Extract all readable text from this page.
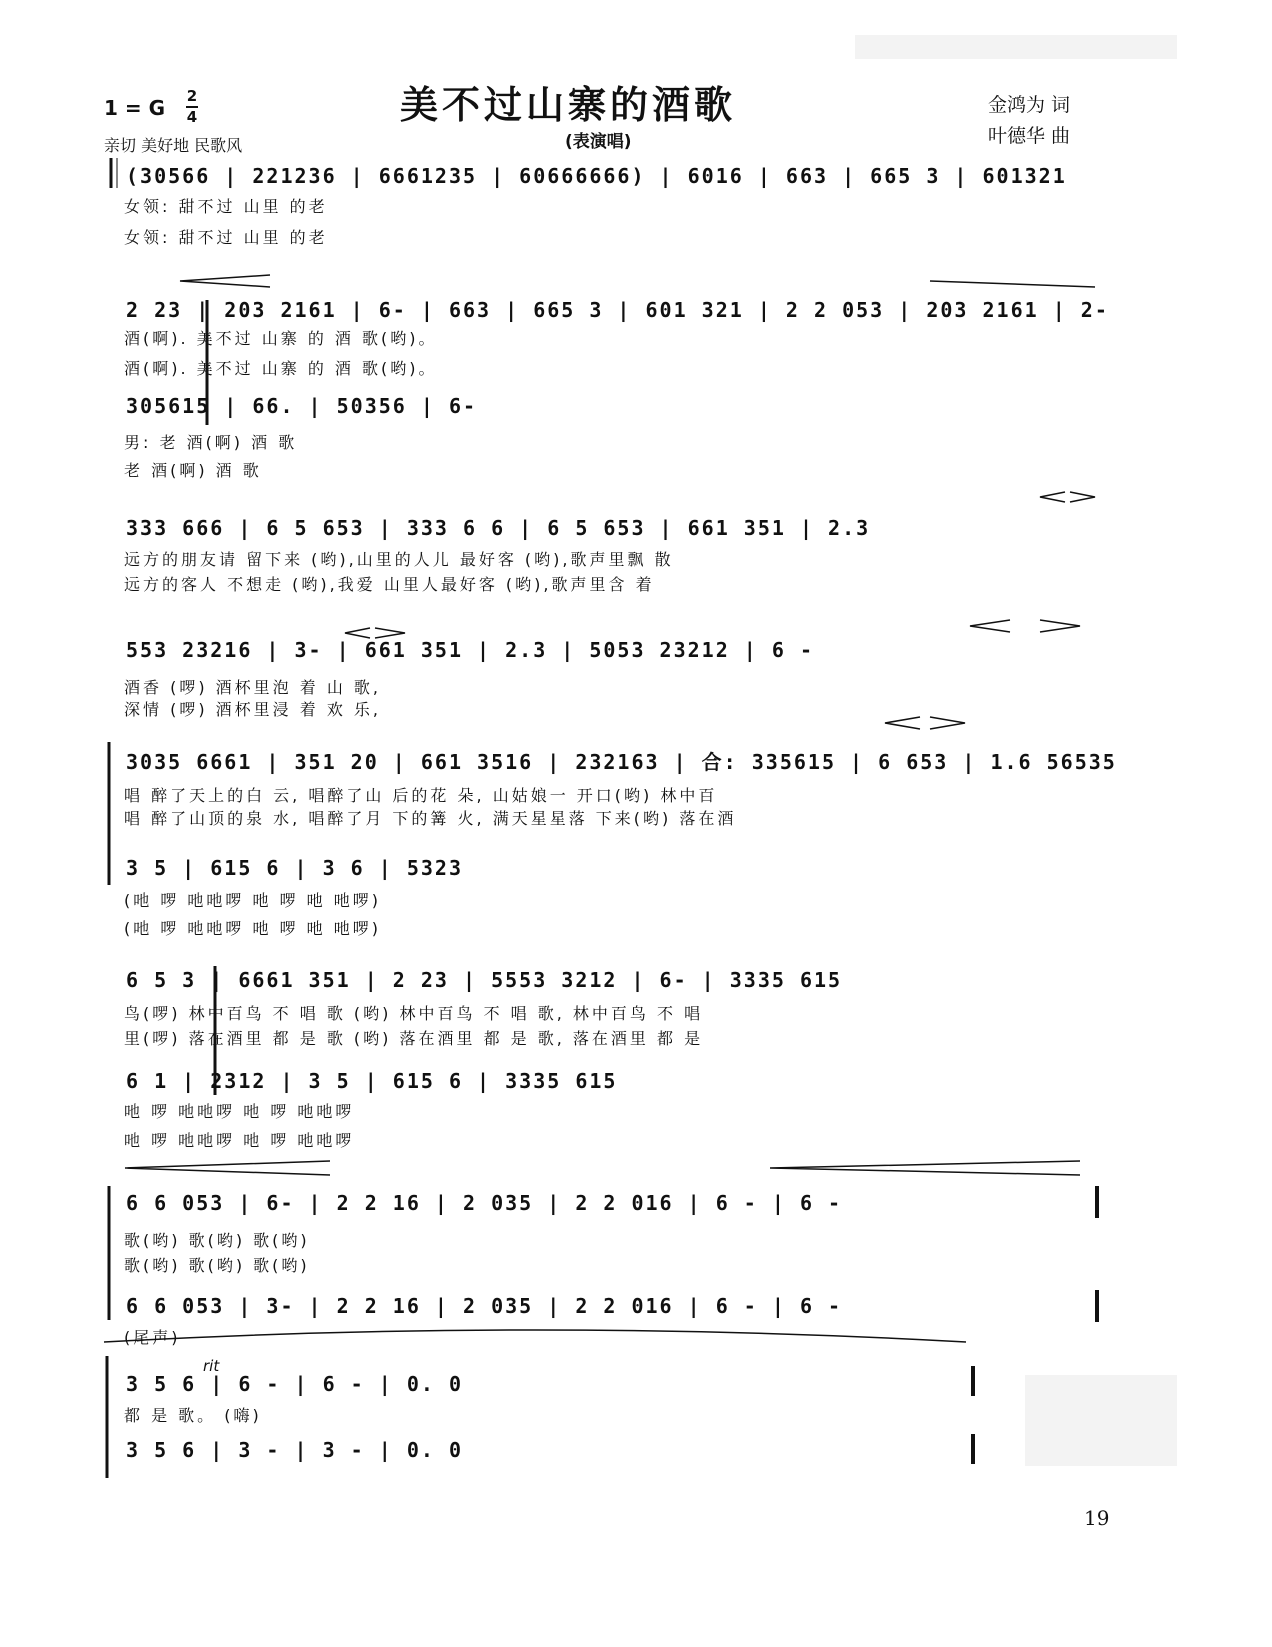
美不过山寨的酒歌
1 = G 2
4
亲切 美好地 民歌风	(表演唱)
金鸿为 词
叶德华 曲
(30566 | 221236 | 6661235 | 60666666) | 6016 | 663 | 665 3 | 601321
女领: 甜不过 山里 的老
女领: 甜不过 山里 的老
2 23 | 203 2161 | 6- | 663 | 665 3 | 601 321 | 2 2 053 | 203 2161 | 2-
酒(啊). 美不过 山寨 的 酒 歌(哟)。
酒(啊). 美不过 山寨 的 酒 歌(哟)。
305615 | 66. | 50356 | 6-
男: 老 酒(啊) 酒 歌
老 酒(啊) 酒 歌
333 666 | 6 5 653 | 333 6 6 | 6 5 653 | 661 351 | 2.3
远方的朋友请 留下来 (哟),山里的人儿 最好客 (哟),歌声里飘 散
远方的客人 不想走 (哟),我爱 山里人最好客 (哟),歌声里含 着
553 23216 | 3- | 661 351 | 2.3 | 5053 23212 | 6 -
酒香 (啰) 酒杯里泡 着 山 歌,
深情 (啰) 酒杯里浸 着 欢 乐,
3035 6661 | 351 20 | 661 3516 | 232163 | 合: 335615 | 6 653 | 1.6 56535
唱 醉了天上的白 云, 唱醉了山 后的花 朵, 山姑娘一 开口(哟) 林中百
唱 醉了山顶的泉 水, 唱醉了月 下的篝 火, 满天星星落 下来(哟) 落在酒
3 5 | 615 6 | 3 6 | 5323
(吔 啰 吔吔啰 吔 啰 吔 吔啰)
(吔 啰 吔吔啰 吔 啰 吔 吔啰)
6 5 3 | 6661 351 | 2 23 | 5553 3212 | 6- | 3335 615
鸟(啰) 林中百鸟 不 唱 歌 (哟) 林中百鸟 不 唱 歌, 林中百鸟 不 唱
里(啰) 落在酒里 都 是 歌 (哟) 落在酒里 都 是 歌, 落在酒里 都 是
6 1 | 2312 | 3 5 | 615 6 | 3335 615
吔 啰 吔吔啰 吔 啰 吔吔啰
吔 啰 吔吔啰 吔 啰 吔吔啰
6 6 053 | 6- | 2 2 16 | 2 035 | 2 2 016 | 6 - | 6 -
歌(哟) 歌(哟) 歌(哟)
歌(哟) 歌(哟) 歌(哟)
6 6 053 | 3- | 2 2 16 | 2 035 | 2 2 016 | 6 - | 6 -
(尾声)
3 5 6 | 6 - | 6 - | 0. 0
都 是 歌。 (嗨)
3 5 6 | 3 - | 3 - | 0. 0
rit
19
